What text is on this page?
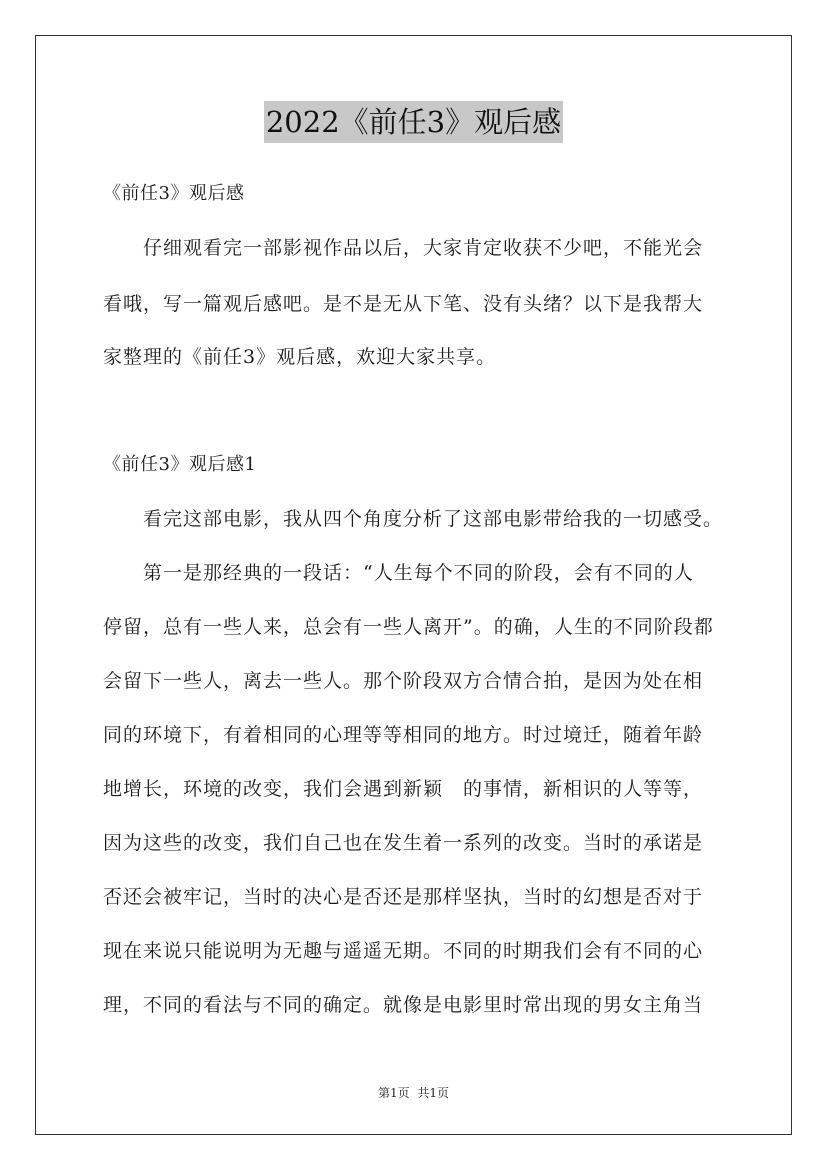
2022《前任3》观后感
《前任3》观后感
仔细观看完一部影视作品以后，大家肯定收获不少吧，不能光会
看哦，写一篇观后感吧。是不是无从下笔、没有头绪？以下是我帮大
家整理的《前任3》观后感，欢迎大家共享。
《前任3》观后感1
看完这部电影，我从四个角度分析了这部电影带给我的一切感受。
第一是那经典的一段话：“人生每个不同的阶段，会有不同的人
停留，总有一些人来，总会有一些人离开”。的确，人生的不同阶段都
会留下一些人，离去一些人。那个阶段双方合情合拍，是因为处在相
同的环境下，有着相同的心理等等相同的地方。时过境迁，随着年龄
地增长，环境的改变，我们会遇到新颖　的事情，新相识的人等等，
因为这些的改变，我们自己也在发生着一系列的改变。当时的承诺是
否还会被牢记，当时的决心是否还是那样坚执，当时的幻想是否对于
现在来说只能说明为无趣与遥遥无期。不同的时期我们会有不同的心
理，不同的看法与不同的确定。就像是电影里时常出现的男女主角当
第1页 共1页
